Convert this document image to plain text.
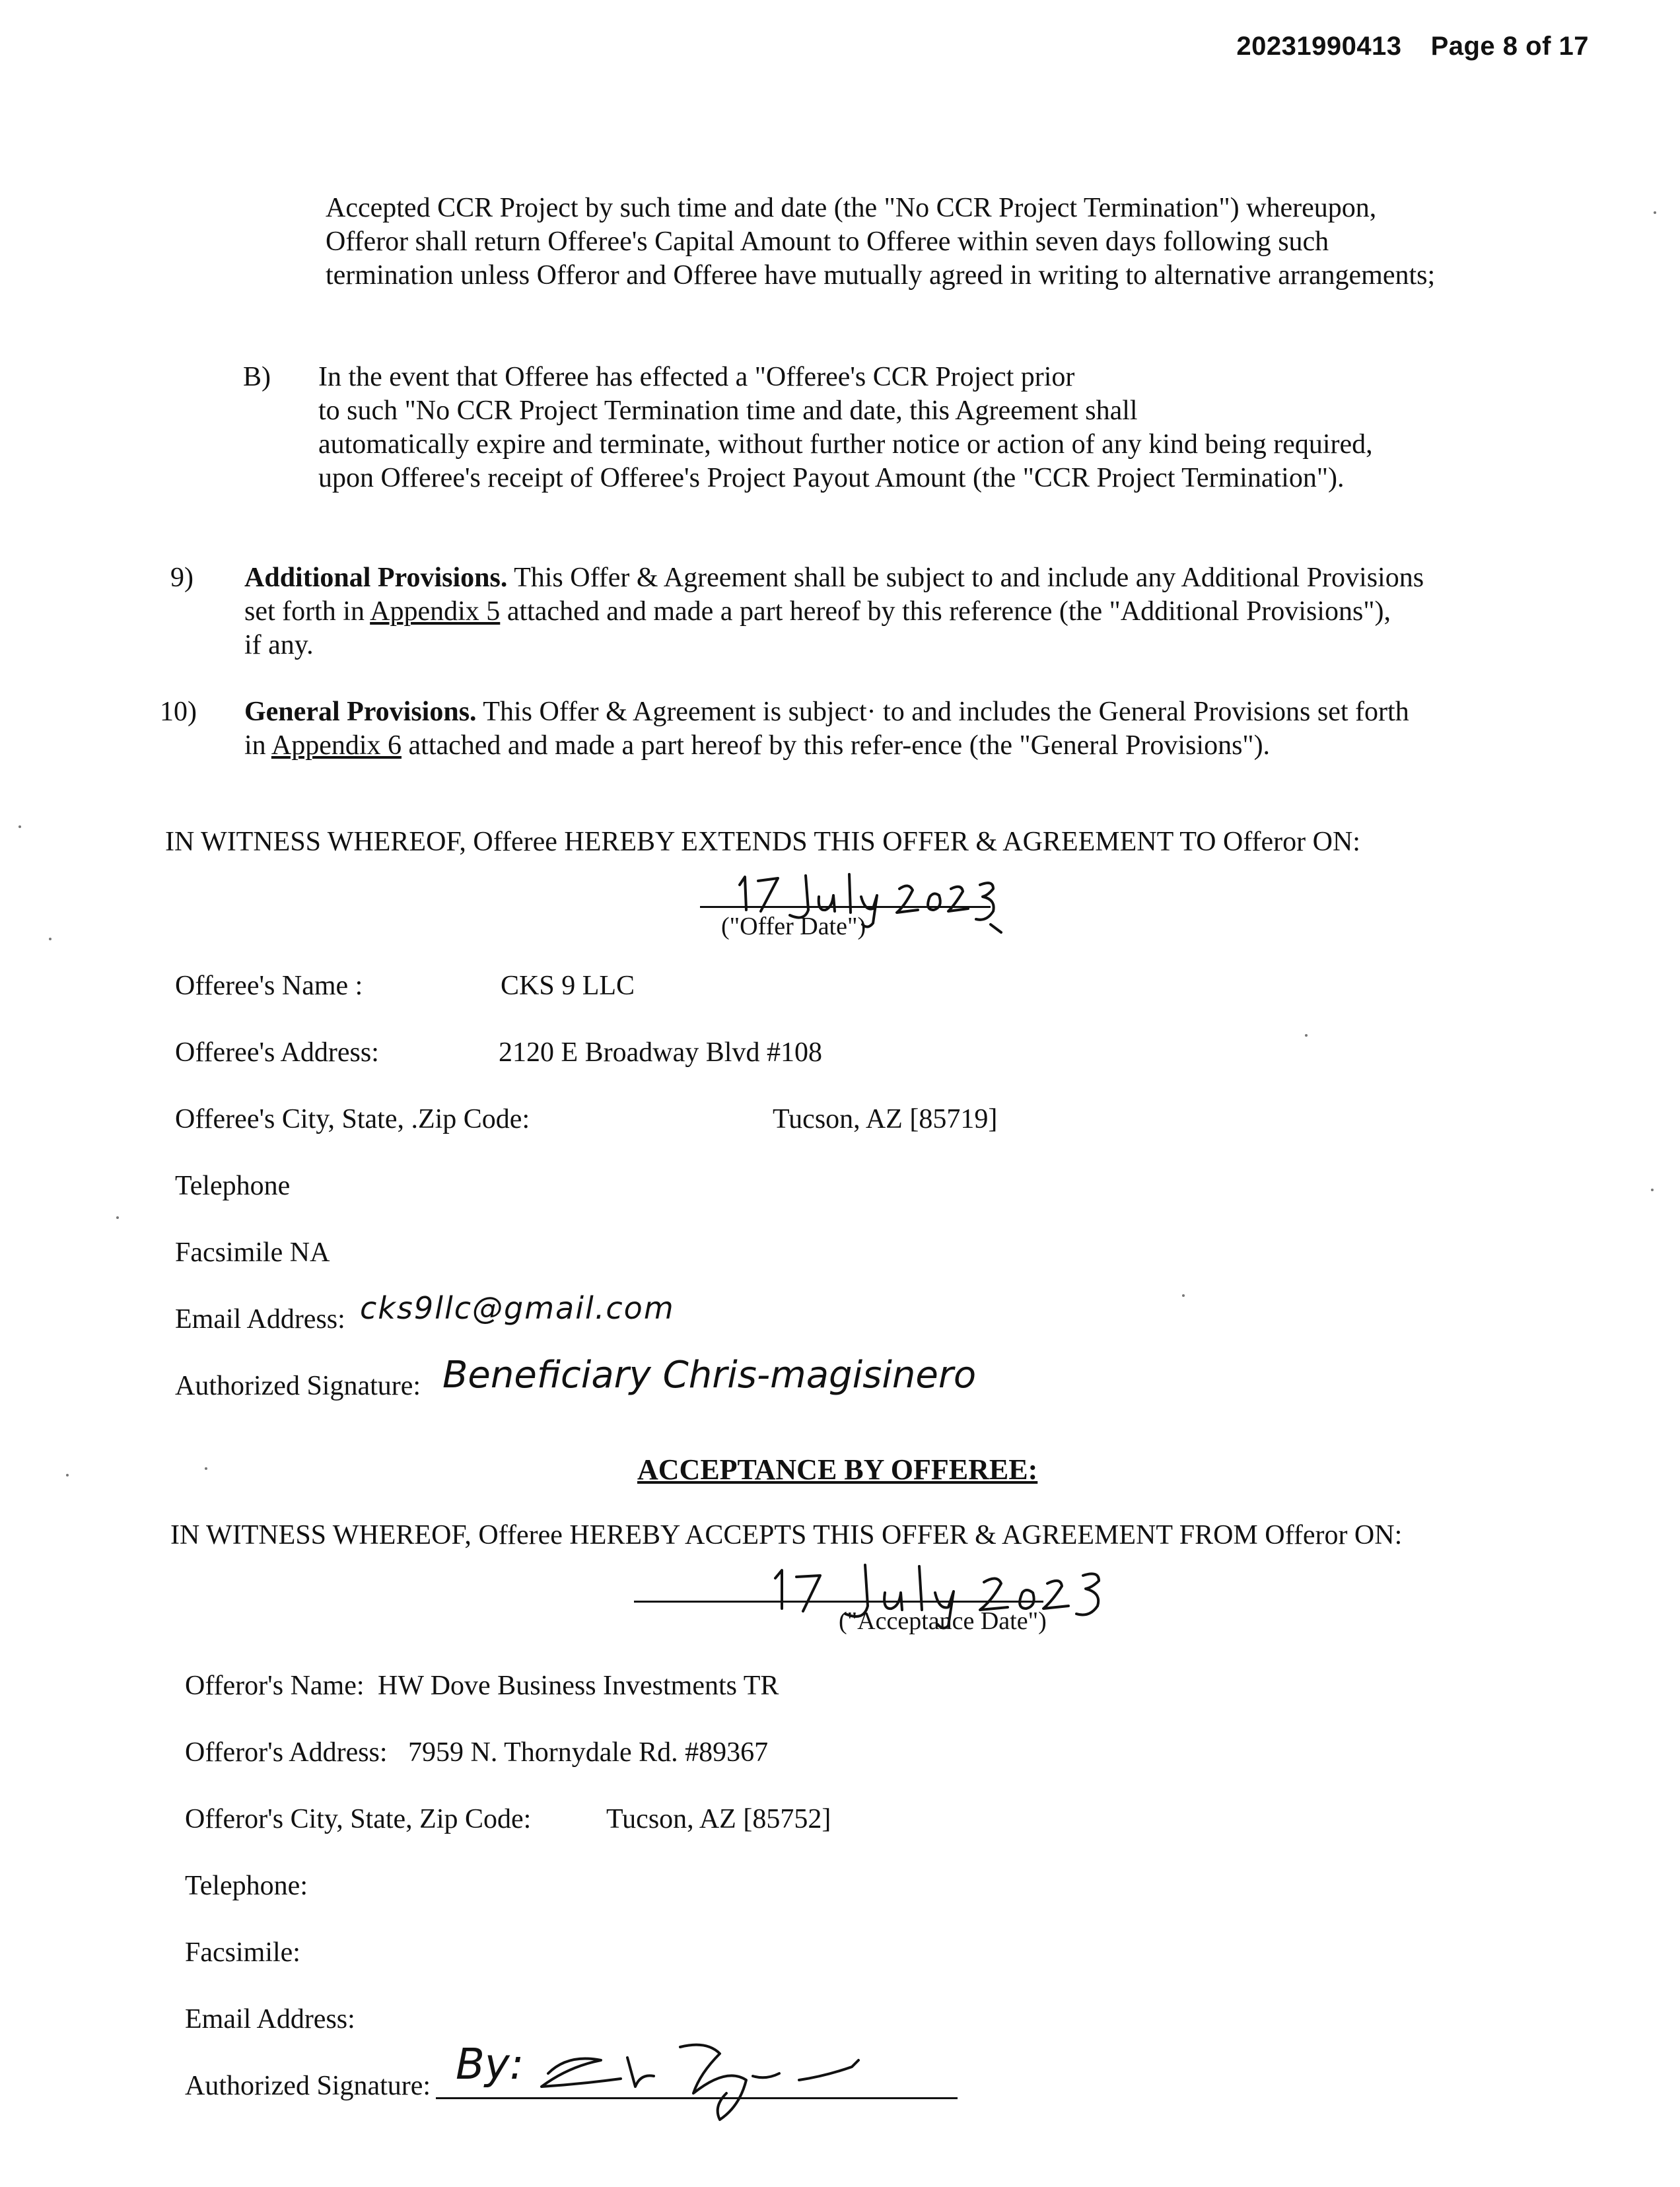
20231990413 Page 8 of 17
Accepted CCR Project by such time and date (the "No CCR Project Termination") whereupon,
Offeror shall return Offeree's Capital Amount to Offeree within seven days following such
termination unless Offeror and Offeree have mutually agreed in writing to alternative arrangements;
B) In the event that Offeree has effected a "Offeree's CCR Project prior
to such "No CCR Project Termination time and date, this Agreement shall
automatically expire and terminate, without further notice or action of any kind being required,
upon Offeree's receipt of Offeree's Project Payout Amount (the "CCR Project Termination").
9) Additional Provisions. This Offer & Agreement shall be subject to and include any Additional Provisions
set forth in Appendix 5 attached and made a part hereof by this reference (the "Additional Provisions"),
if any.
10) General Provisions. This Offer & Agreement is subject· to and includes the General Provisions set forth
in Appendix 6 attached and made a part hereof by this refer-ence (the "General Provisions").
IN WITNESS WHEREOF, Offeree HEREBY EXTENDS THIS OFFER & AGREEMENT TO Offeror ON:
("Offer Date")
Offeree's Name :	CKS 9 LLC
Offeree's Address:	2120 E Broadway Blvd #108
Offeree's City, State, .Zip Code:	Tucson, AZ [85719]
Telephone
Facsimile NA
Email Address: cks9llc@gmail.com
Authorized Signature: Beneficiary Chris-magisinero
ACCEPTANCE BY OFFEREE:
IN WITNESS WHEREOF, Offeree HEREBY ACCEPTS THIS OFFER & AGREEMENT FROM Offeror ON:
("Acceptance Date")
Offeror's Name: HW Dove Business Investments TR
Offeror's Address: 7959 N. Thornydale Rd. #89367
Offeror's City, State, Zip Code:	Tucson, AZ [85752]
Telephone:
Facsimile:
Email Address:
Authorized Signature: By:
